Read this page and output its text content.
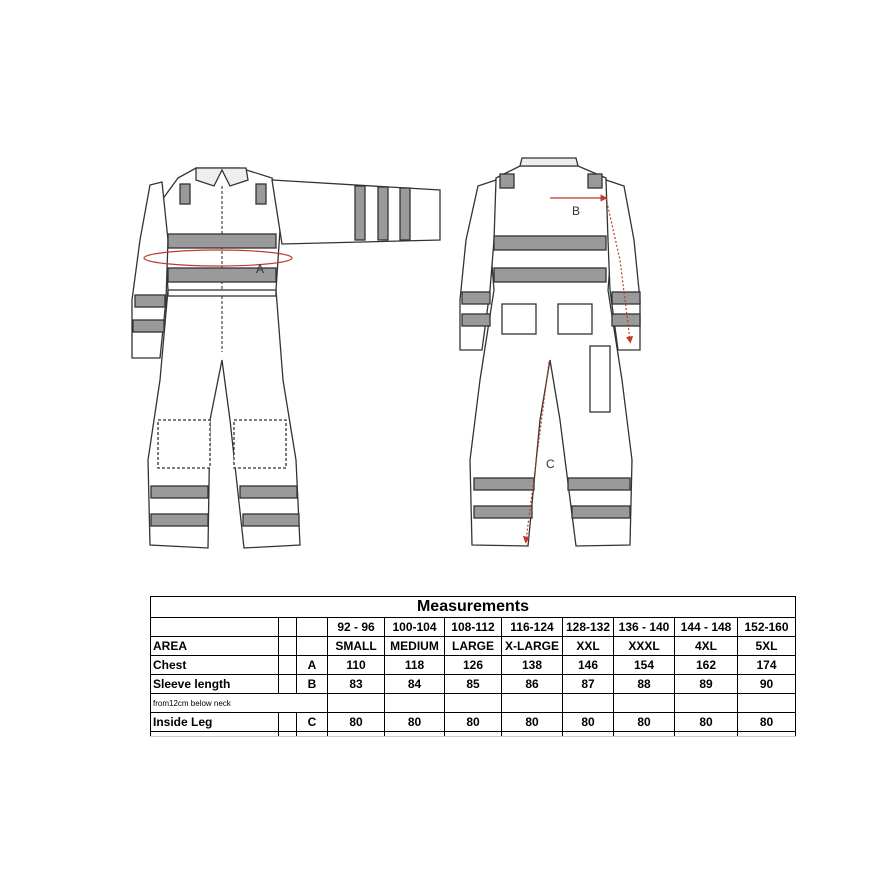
A
B
C
Measurements										
			92 - 96	100-104	108-112	116-124	128-132	136 - 140	144 - 148	152-160
AREA			SMALL	MEDIUM	LARGE	X-LARGE	XXL	XXXL	4XL	5XL
Chest		A	110	118	126	138	146	154	162	174
Sleeve length		B	83	84	85	86	87	88	89	90
from12cm below neck										
Inside Leg		C	80	80	80	80	80	80	80	80
